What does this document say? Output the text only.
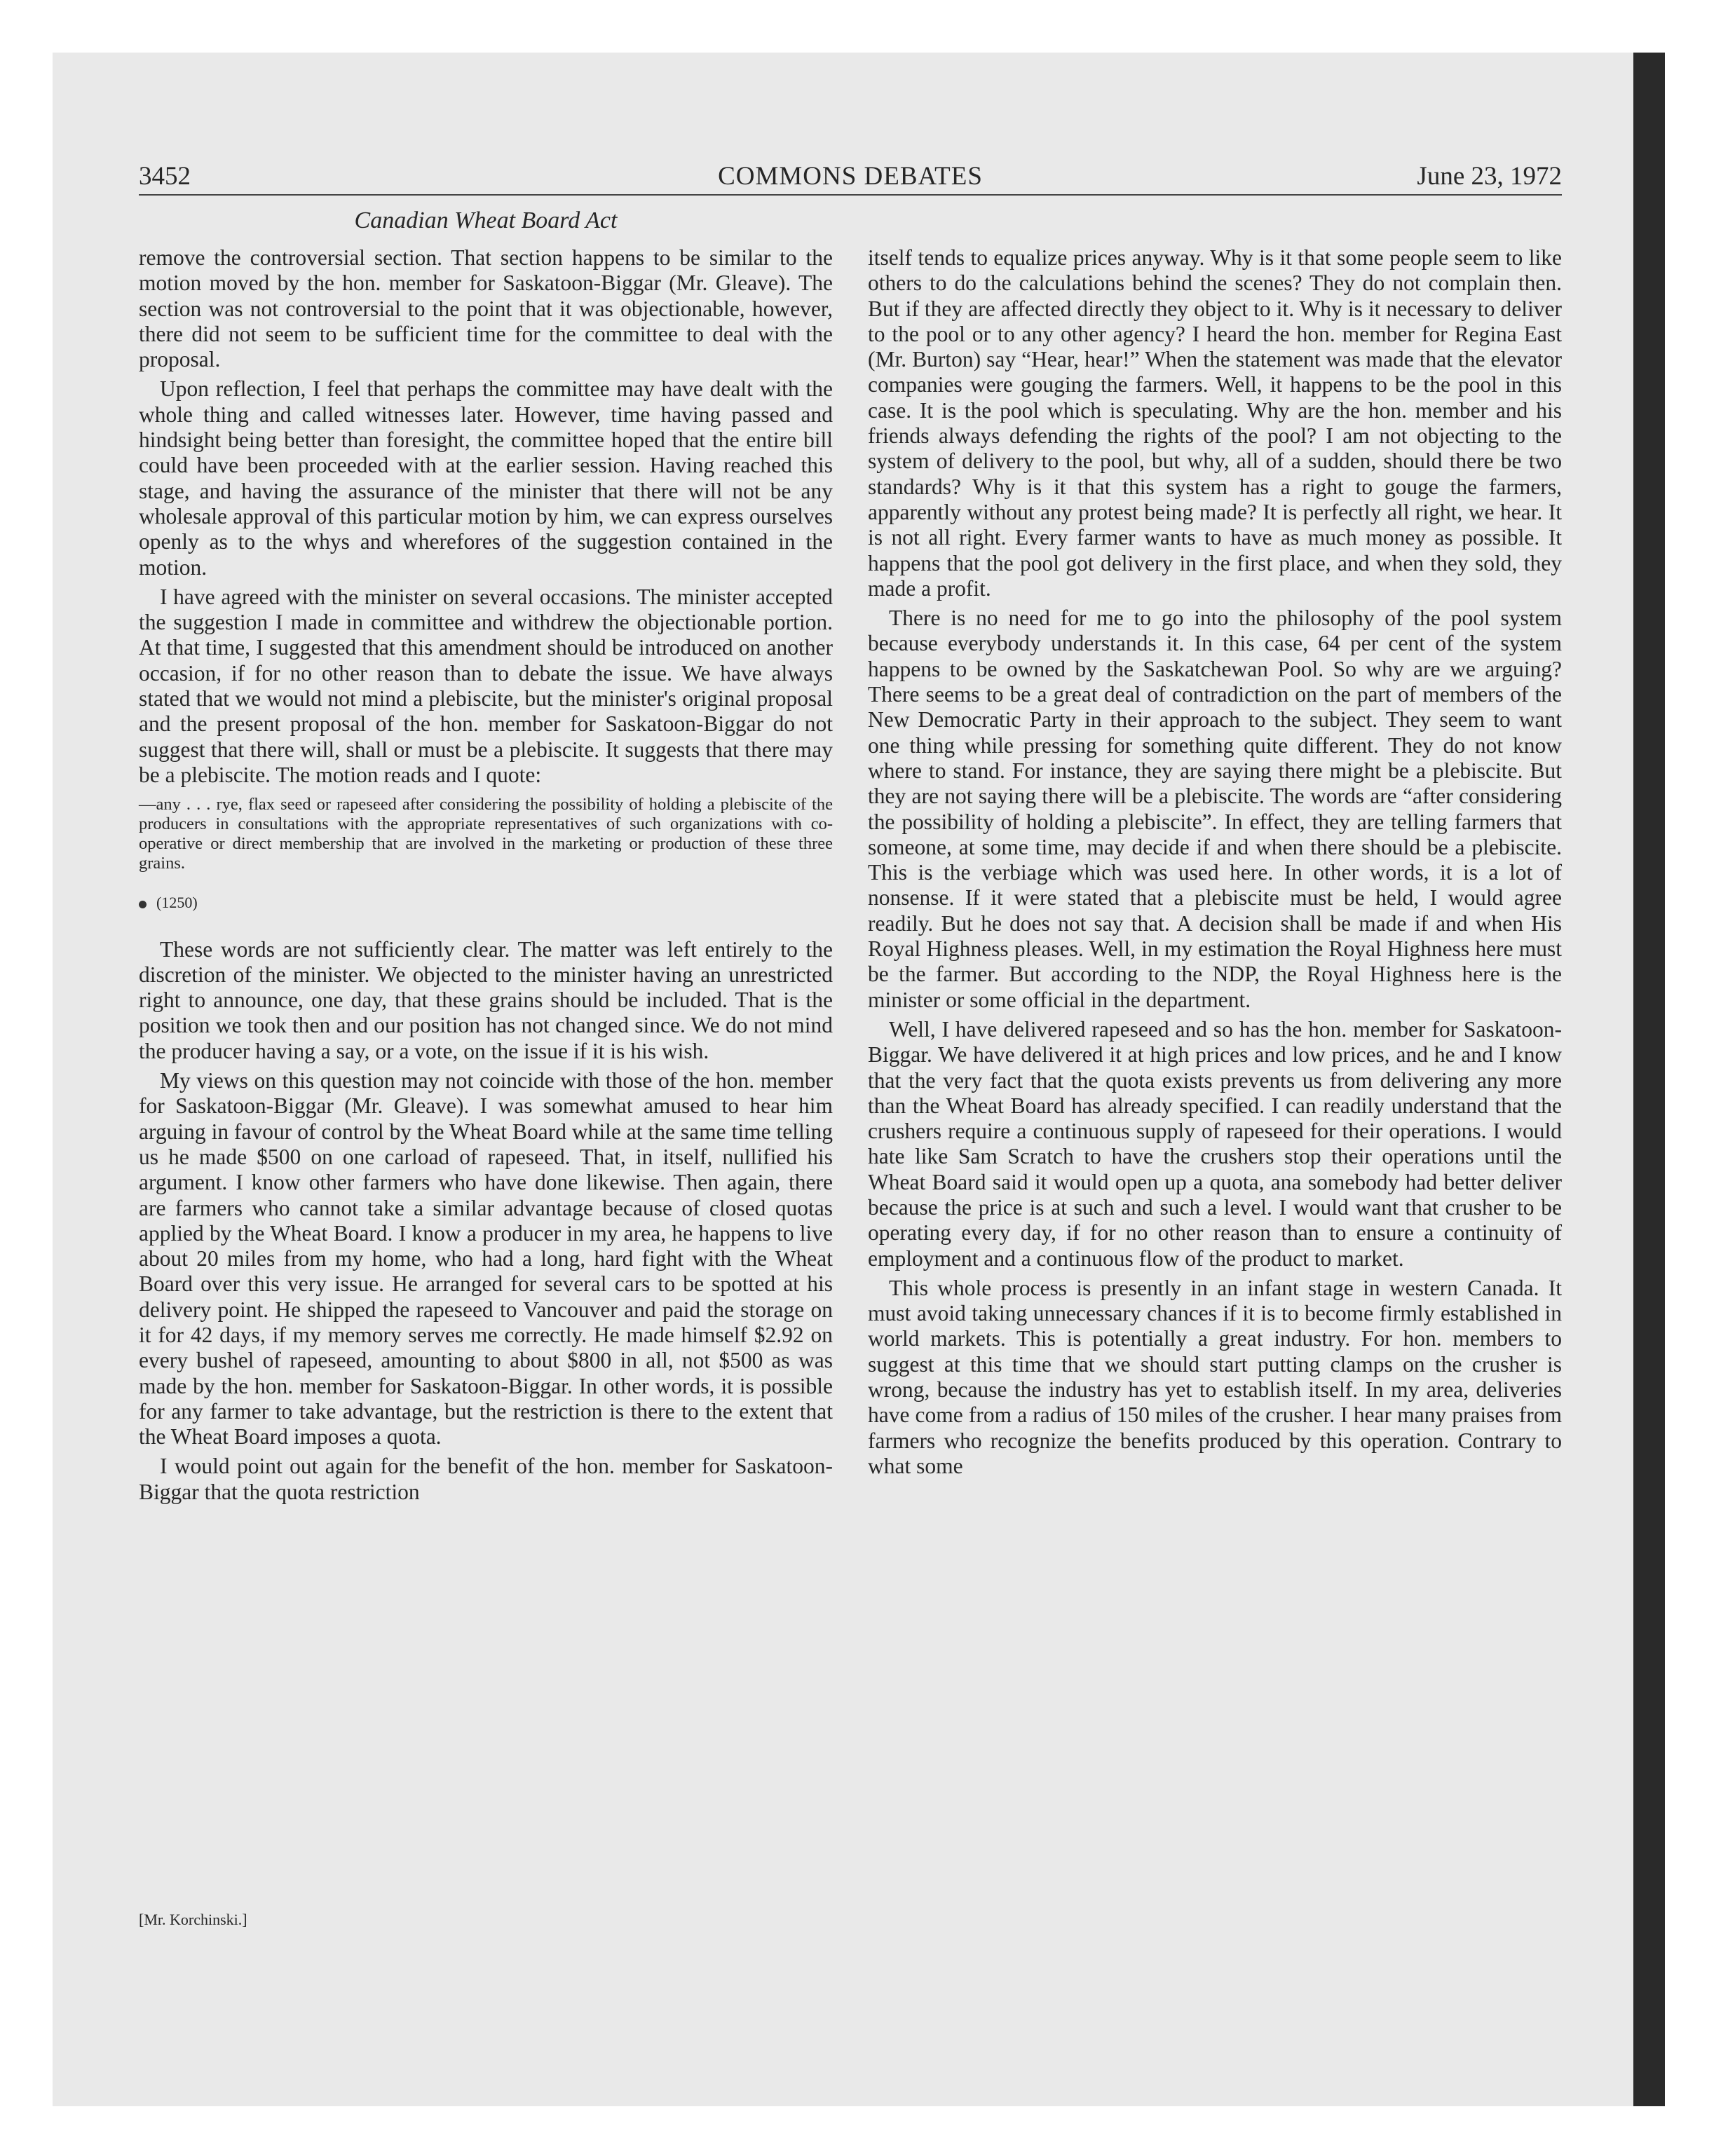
COMMONS DEBATES
3452	June 23, 1972
Canadian Wheat Board Act

remove the controversial section. That section happens to be similar to the motion moved by the hon. member for Saskatoon-Biggar (Mr. Gleave). The section was not controversial to the point that it was objectionable, however, there did not seem to be sufficient time for the committee to deal with the proposal.

Upon reflection, I feel that perhaps the committee may have dealt with the whole thing and called witnesses later. However, time having passed and hindsight being better than foresight, the committee hoped that the entire bill could have been proceeded with at the earlier session. Having reached this stage, and having the assurance of the minister that there will not be any wholesale approval of this particular motion by him, we can express ourselves openly as to the whys and wherefores of the suggestion contained in the motion.

I have agreed with the minister on several occasions. The minister accepted the suggestion I made in committee and withdrew the objectionable portion. At that time, I suggested that this amendment should be introduced on another occasion, if for no other reason than to debate the issue. We have always stated that we would not mind a plebiscite, but the minister's original proposal and the present proposal of the hon. member for Saskatoon-Biggar do not suggest that there will, shall or must be a plebiscite. It suggests that there may be a plebiscite. The motion reads and I quote:

—any . . . rye, flax seed or rapeseed after considering the possibility of holding a plebiscite of the producers in consultations with the appropriate representatives of such organizations with co-operative or direct membership that are involved in the marketing or production of these three grains.

(1250)

These words are not sufficiently clear. The matter was left entirely to the discretion of the minister. We objected to the minister having an unrestricted right to announce, one day, that these grains should be included. That is the position we took then and our position has not changed since. We do not mind the producer having a say, or a vote, on the issue if it is his wish.

My views on this question may not coincide with those of the hon. member for Saskatoon-Biggar (Mr. Gleave). I was somewhat amused to hear him arguing in favour of control by the Wheat Board while at the same time telling us he made $500 on one carload of rapeseed. That, in itself, nullified his argument. I know other farmers who have done likewise. Then again, there are farmers who cannot take a similar advantage because of closed quotas applied by the Wheat Board. I know a producer in my area, he happens to live about 20 miles from my home, who had a long, hard fight with the Wheat Board over this very issue. He arranged for several cars to be spotted at his delivery point. He shipped the rapeseed to Vancouver and paid the storage on it for 42 days, if my memory serves me correctly. He made himself $2.92 on every bushel of rapeseed, amounting to about $800 in all, not $500 as was made by the hon. member for Saskatoon-Biggar. In other words, it is possible for any farmer to take advantage, but the restriction is there to the extent that the Wheat Board imposes a quota.

I would point out again for the benefit of the hon. member for Saskatoon-Biggar that the quota restriction

itself tends to equalize prices anyway. Why is it that some people seem to like others to do the calculations behind the scenes? They do not complain then. But if they are affected directly they object to it. Why is it necessary to deliver to the pool or to any other agency? I heard the hon. member for Regina East (Mr. Burton) say “Hear, hear!” When the statement was made that the elevator companies were gouging the farmers. Well, it happens to be the pool in this case. It is the pool which is speculating. Why are the hon. member and his friends always defending the rights of the pool? I am not objecting to the system of delivery to the pool, but why, all of a sudden, should there be two standards? Why is it that this system has a right to gouge the farmers, apparently without any protest being made? It is perfectly all right, we hear. It is not all right. Every farmer wants to have as much money as possible. It happens that the pool got delivery in the first place, and when they sold, they made a profit.

There is no need for me to go into the philosophy of the pool system because everybody understands it. In this case, 64 per cent of the system happens to be owned by the Saskatchewan Pool. So why are we arguing? There seems to be a great deal of contradiction on the part of members of the New Democratic Party in their approach to the subject. They seem to want one thing while pressing for something quite different. They do not know where to stand. For instance, they are saying there might be a plebiscite. But they are not saying there will be a plebiscite. The words are “after considering the possibility of holding a plebiscite”. In effect, they are telling farmers that someone, at some time, may decide if and when there should be a plebiscite. This is the verbiage which was used here. In other words, it is a lot of nonsense. If it were stated that a plebiscite must be held, I would agree readily. But he does not say that. A decision shall be made if and when His Royal Highness pleases. Well, in my estimation the Royal Highness here must be the farmer. But according to the NDP, the Royal Highness here is the minister or some official in the department.

Well, I have delivered rapeseed and so has the hon. member for Saskatoon-Biggar. We have delivered it at high prices and low prices, and he and I know that the very fact that the quota exists prevents us from delivering any more than the Wheat Board has already specified. I can readily understand that the crushers require a continuous supply of rapeseed for their operations. I would hate like Sam Scratch to have the crushers stop their operations until the Wheat Board said it would open up a quota, ana somebody had better deliver because the price is at such and such a level. I would want that crusher to be operating every day, if for no other reason than to ensure a continuity of employment and a continuous flow of the product to market.

This whole process is presently in an infant stage in western Canada. It must avoid taking unnecessary chances if it is to become firmly established in world markets. This is potentially a great industry. For hon. members to suggest at this time that we should start putting clamps on the crusher is wrong, because the industry has yet to establish itself. In my area, deliveries have come from a radius of 150 miles of the crusher. I hear many praises from farmers who recognize the benefits produced by this operation. Contrary to what some

[Mr. Korchinski.]
